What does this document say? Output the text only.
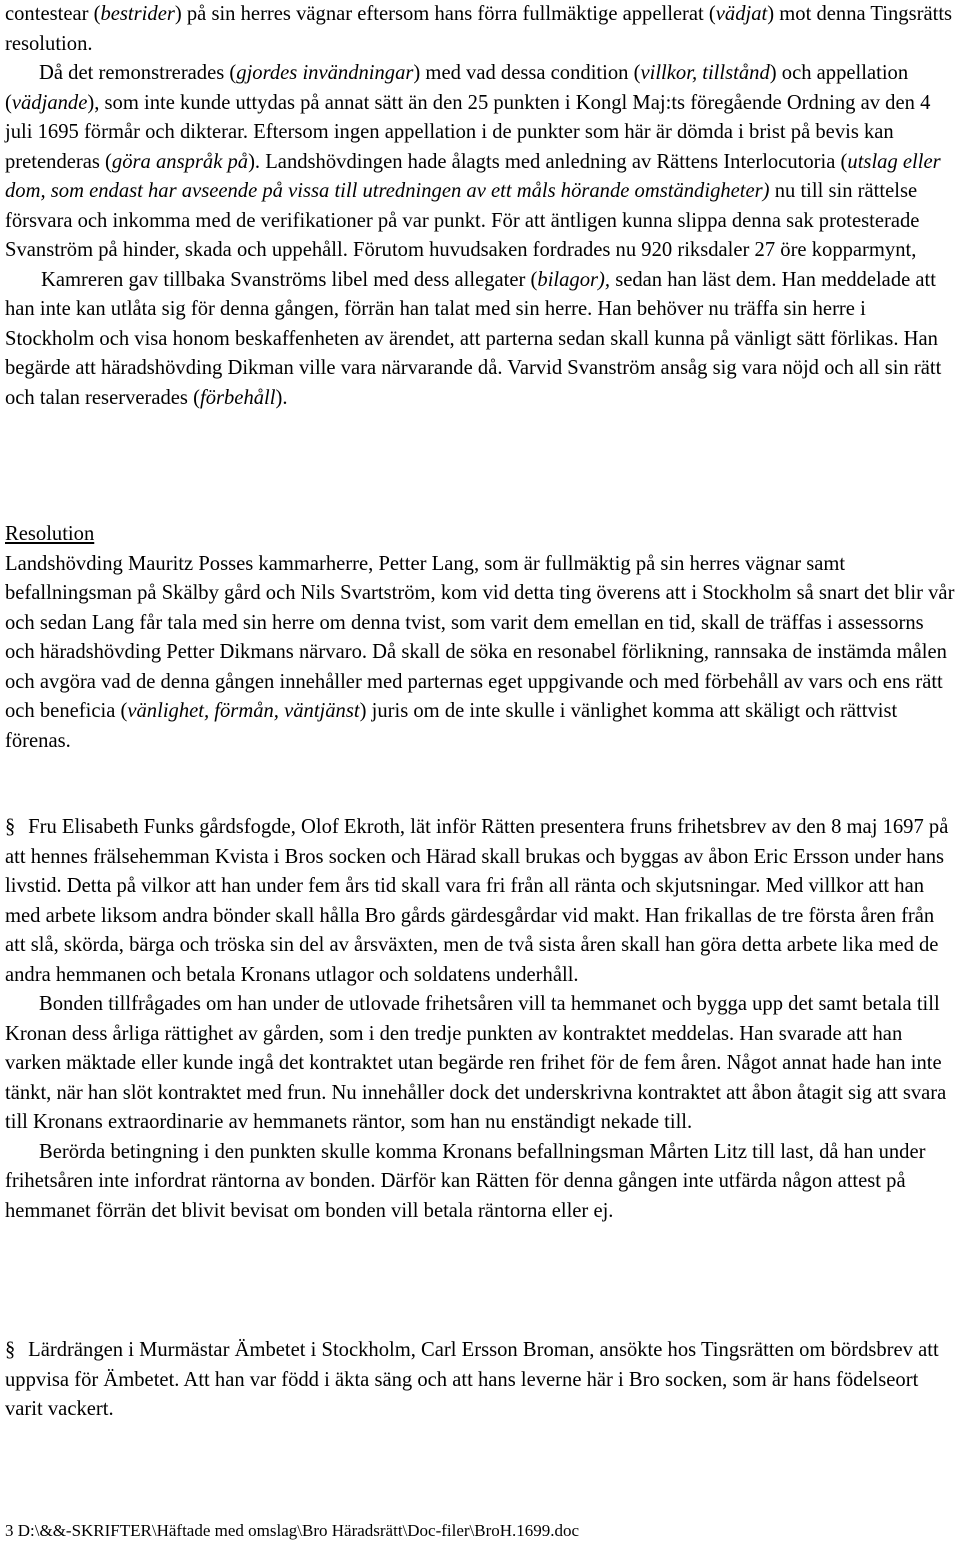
contestear (bestrider) på sin herres vägnar eftersom hans förra fullmäktige appellerat (vädjat) mot denna Tingsrätts resolution.

Då det remonstrerades (gjordes invändningar) med vad dessa condition (villkor, tillstånd) och appellation (vädjande), som inte kunde uttydas på annat sätt än den 25 punkten i Kongl Maj:ts föregående Ordning av den 4 juli 1695 förmår och dikterar. Eftersom ingen appellation i de punkter som här är dömda i brist på bevis kan pretenderas (göra anspråk på). Landshövdingen hade ålagts med anledning av Rättens Interlocutoria (utslag eller dom, som endast har avseende på vissa till utredningen av ett måls hörande omständigheter) nu till sin rättelse försvara och inkomma med de verifikationer på var punkt. För att äntligen kunna slippa denna sak protesterade Svanström på hinder, skada och uppehåll. Förutom huvudsaken fordrades nu 920 riksdaler 27 öre kopparmynt,

Kamreren gav tillbaka Svanströms libel med dess allegater (bilagor), sedan han läst dem. Han meddelade att han inte kan utlåta sig för denna gången, förrän han talat med sin herre. Han behöver nu träffa sin herre i Stockholm och visa honom beskaffenheten av ärendet, att parterna sedan skall kunna på vänligt sätt förlikas. Han begärde att häradshövding Dikman ville vara närvarande då. Varvid Svanström ansåg sig vara nöjd och all sin rätt och talan reserverades (förbehåll).

Resolution

Landshövding Mauritz Posses kammarherre, Petter Lang, som är fullmäktig på sin herres vägnar samt befallningsman på Skälby gård och Nils Svartström, kom vid detta ting överens att i Stockholm så snart det blir vår och sedan Lang får tala med sin herre om denna tvist, som varit dem emellan en tid, skall de träffas i assessorns och häradshövding Petter Dikmans närvaro. Då skall de söka en resonabel förlikning, rannsaka de instämda målen och avgöra vad de denna gången innehåller med parternas eget uppgivande och med förbehåll av vars och ens rätt och beneficia (vänlighet, förmån, väntjänst) juris om de inte skulle i vänlighet komma att skäligt och rättvist förenas.

§ Fru Elisabeth Funks gårdsfogde, Olof Ekroth, lät inför Rätten presentera fruns frihetsbrev av den 8 maj 1697 på att hennes frälsehemman Kvista i Bros socken och Härad skall brukas och byggas av åbon Eric Ersson under hans livstid. Detta på vilkor att han under fem års tid skall vara fri från all ränta och skjutsningar. Med villkor att han med arbete liksom andra bönder skall hålla Bro gårds gärdesgårdar vid makt. Han frikallas de tre första åren från att slå, skörda, bärga och tröska sin del av årsväxten, men de två sista åren skall han göra detta arbete lika med de andra hemmanen och betala Kronans utlagor och soldatens underhåll.

Bonden tillfrågades om han under de utlovade frihetsåren vill ta hemmanet och bygga upp det samt betala till Kronan dess årliga rättighet av gården, som i den tredje punkten av kontraktet meddelas. Han svarade att han varken mäktade eller kunde ingå det kontraktet utan begärde ren frihet för de fem åren. Något annat hade han inte tänkt, när han slöt kontraktet med frun. Nu innehåller dock det underskrivna kontraktet att åbon åtagit sig att svara till Kronans extraordinarie av hemmanets räntor, som han nu enständigt nekade till.

Berörda betingning i den punkten skulle komma Kronans befallningsman Mårten Litz till last, då han under frihetsåren inte infordrat räntorna av bonden. Därför kan Rätten för denna gången inte utfärda någon attest på hemmanet förrän det blivit bevisat om bonden vill betala räntorna eller ej.

§ Lärdrängen i Murmästar Ämbetet i Stockholm, Carl Ersson Broman, ansökte hos Tingsrätten om bördsbrev att uppvisa för Ämbetet. Att han var född i äkta säng och att hans leverne här i Bro socken, som är hans födelseort varit vackert.

3 D:\&&-SKRIFTER\Häftade med omslag\Bro Häradsrätt\Doc-filer\BroH.1699.doc
